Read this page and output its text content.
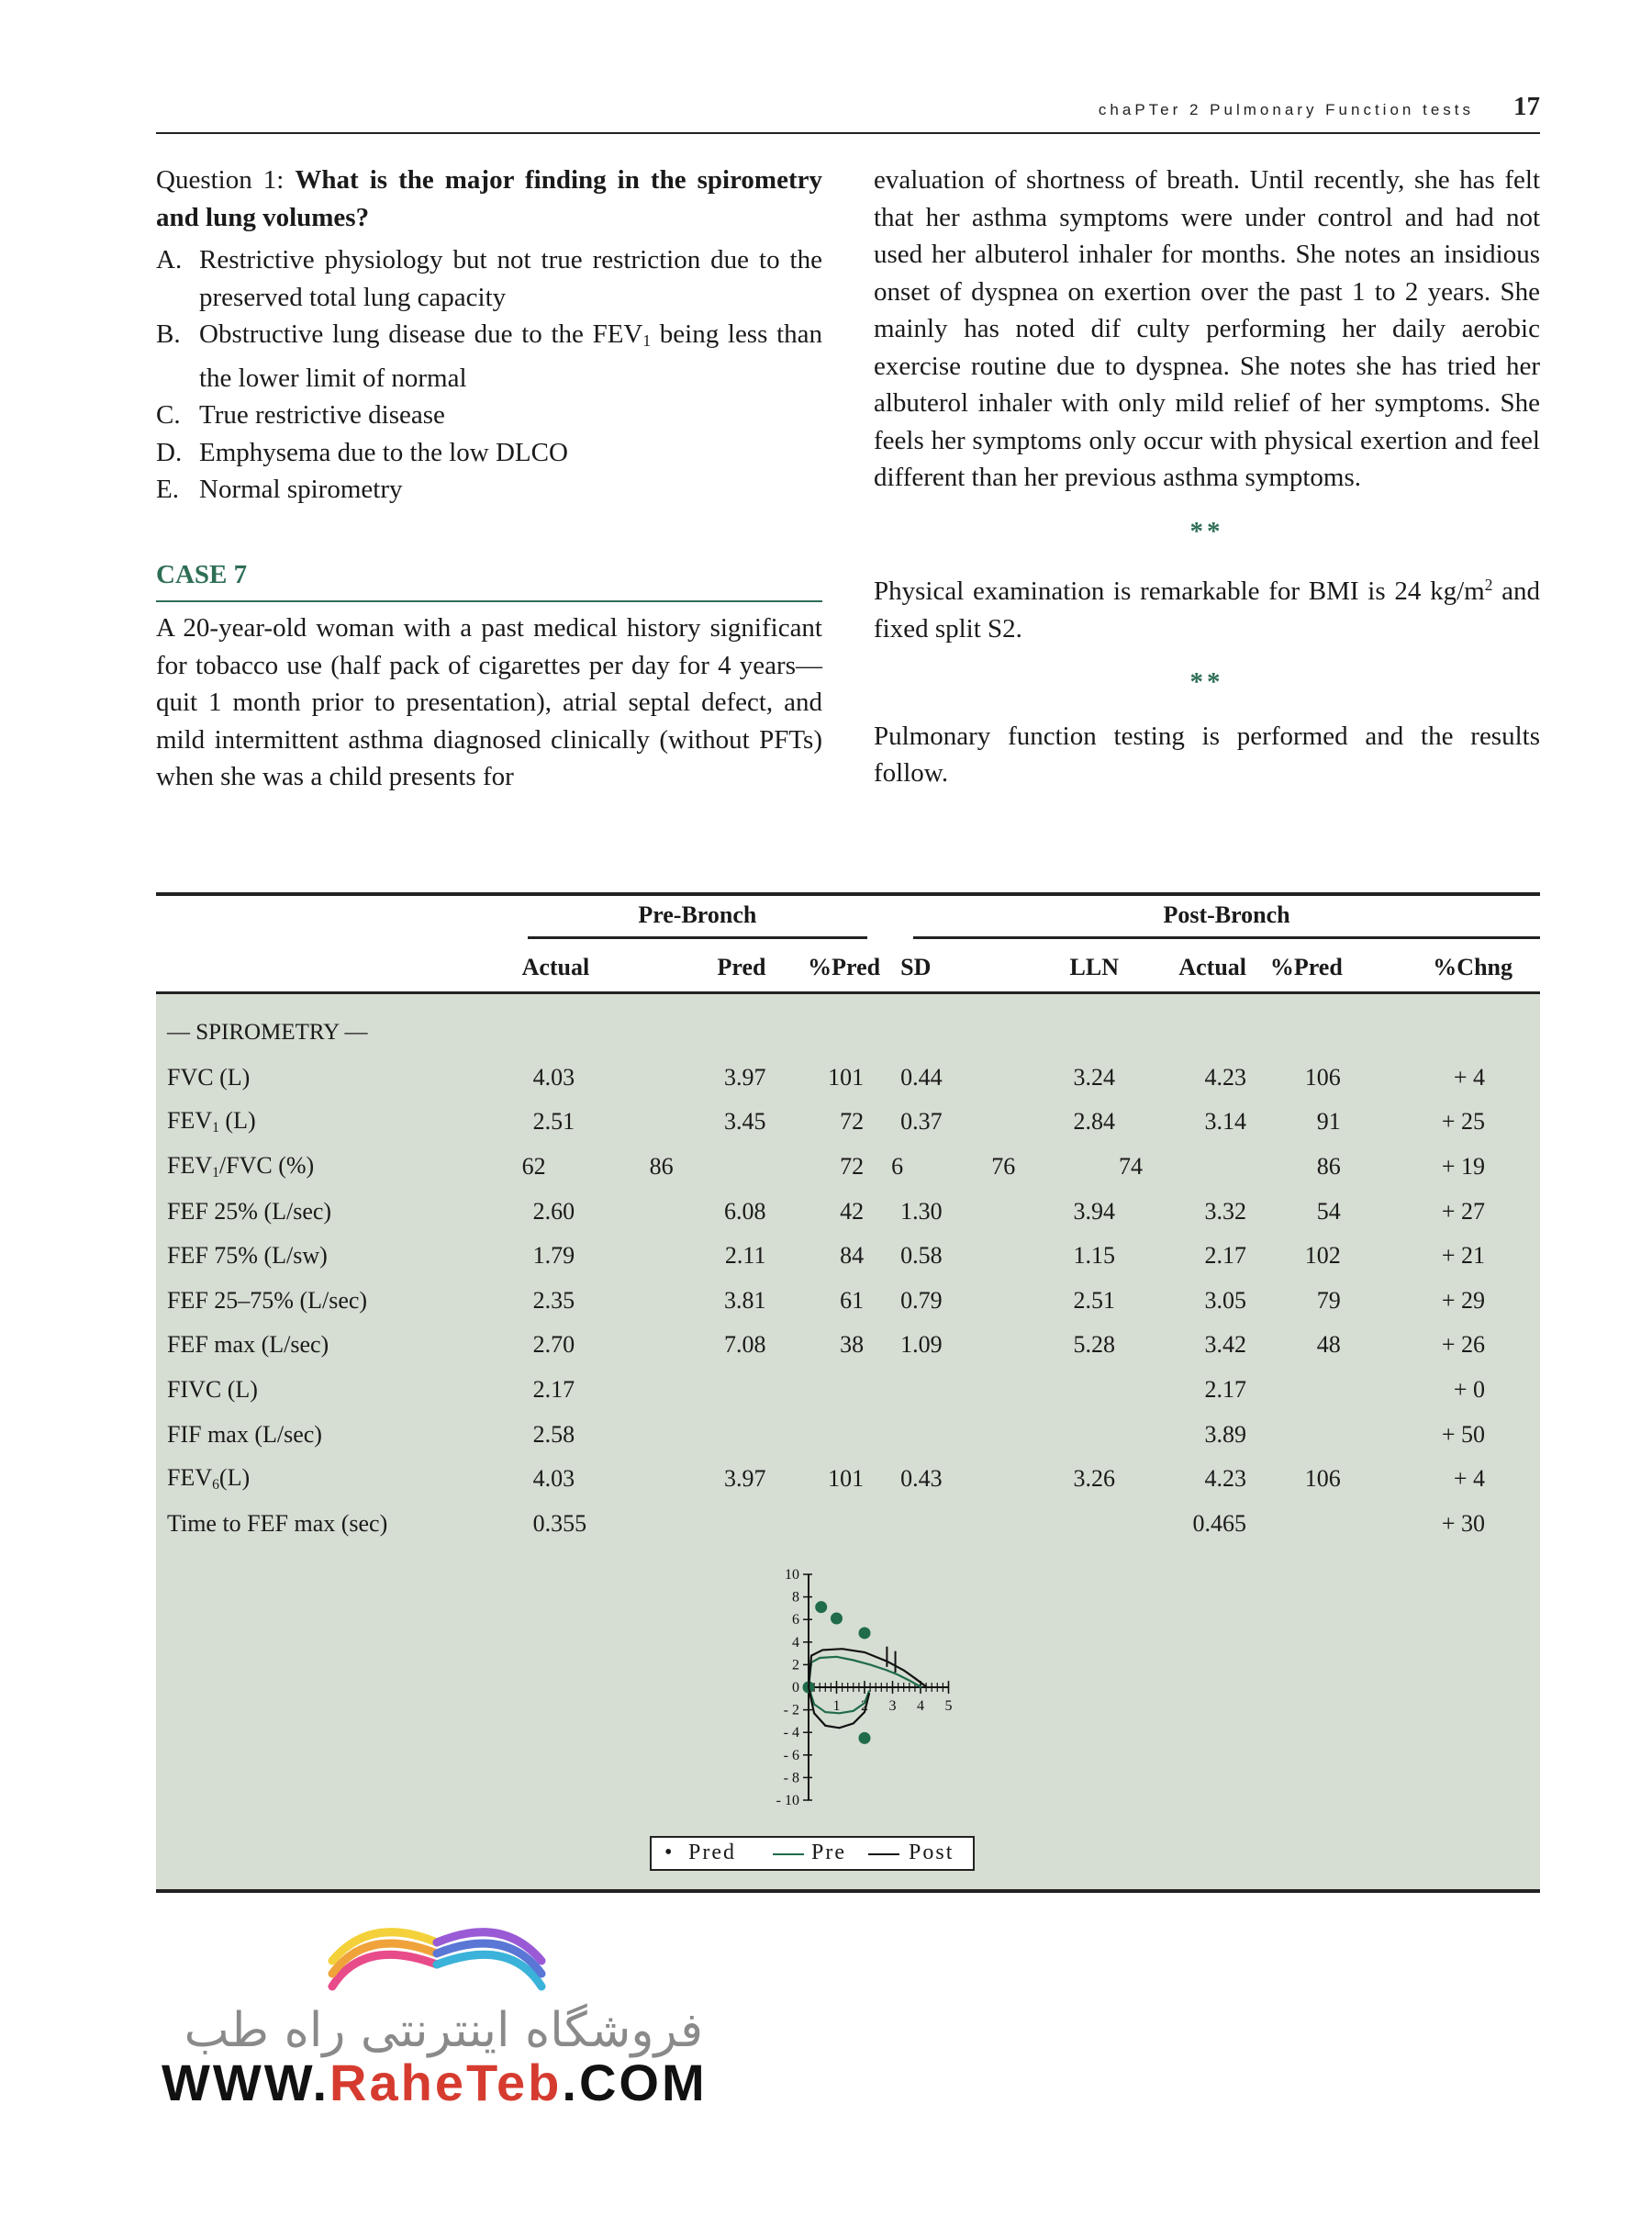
chaPTer 2 Pulmonary Function tests 17

Question 1: What is the major finding in the spirometry and lung volumes?

A. Restrictive physiology but not true restriction due to the preserved total lung capacity
B. Obstructive lung disease due to the $FEV_1$ being less than the lower limit of normal
C. True restrictive disease
D. Emphysema due to the low DLCO
E. Normal spirometry
CASE 7

A 20-year-old woman with a past medical history significant for tobacco use (half pack of cigarettes per day for 4 years—quit 1 month prior to presentation), atrial septal defect, and mild intermittent asthma diagnosed clinically (without PFTs) when she was a child presents for

evaluation of shortness of breath. Until recently, she has felt that her asthma symptoms were under control and had not used her albuterol inhaler for months. She notes an insidious onset of dyspnea on exertion over the past 1 to 2 years. She mainly has noted dif culty performing her daily aerobic exercise routine due to dyspnea. She notes she has tried her albuterol inhaler with only mild relief of her symptoms. She feels her symptoms only occur with physical exertion and feel different than her previous asthma symptoms.

**

Physical examination is remarkable for BMI is 24 $kg/m^2$ and fixed split S2.

**

Pulmonary function testing is performed and the results follow.

	Pre-Bronch			Post-Bronch				

	Actual	Pred	%Pred	SD	LLN	Actual	%Pred	%Chng

— SPIROMETRY —								
FVC (L)	4.03	3.97	101	0.44	3.24	4.23	106	+ 4
$FEV_1$ (L)	2.51	3.45	72	0.37	2.84	3.14	91	+ 25
$FEV_1$/FVC (%)	62	86	72	6	76	74	86	+ 19
FEF 25% (L/sec)	2.60	6.08	42	1.30	3.94	3.32	54	+ 27
FEF 75% (L/sw)	1.79	2.11	84	0.58	1.15	2.17	102	+ 21
FEF 25–75% (L/sec)	2.35	3.81	61	0.79	2.51	3.05	79	+ 29
FEF max (L/sec)	2.70	7.08	38	1.09	5.28	3.42	48	+ 26
FIVC (L)	2.17					2.17		+ 0
FIF max (L/sec)	2.58					3.89		+ 50
$FEV_6(L)$	4.03	3.97	101	0.43	3.26	4.23	106	+ 4
Time to FEF max (sec)	0.355					0.465		+ 30
10
8
6
4
2
0
- 2
- 4
- 6
- 8
- 10
1 2 3 4 5
• Pred	Pre	Post
فروشگاه اینترنتی راه طب
WWW.RaheTeb.COM
